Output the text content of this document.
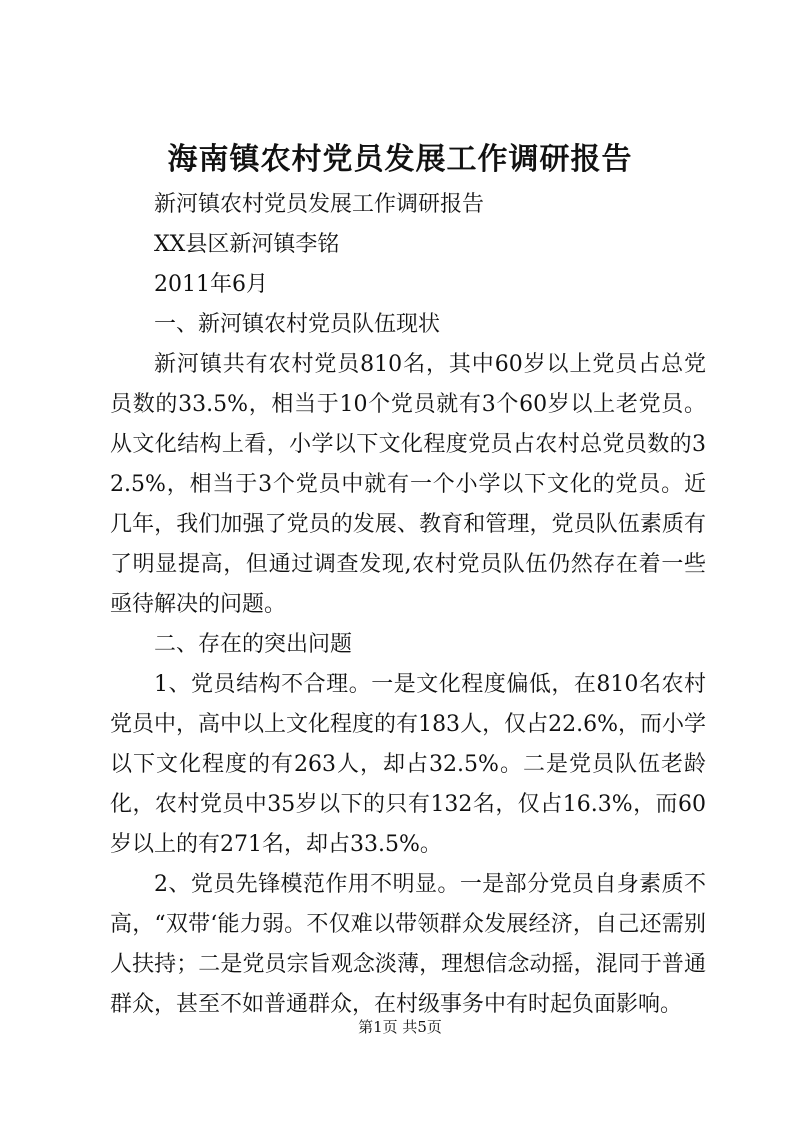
海南镇农村党员发展工作调研报告

新河镇农村党员发展工作调研报告

XX县区新河镇李铭

2011年6月

一、新河镇农村党员队伍现状

新河镇共有农村党员810名，其中60岁以上党员占总党员数的33.5%，相当于10个党员就有3个60岁以上老党员。从文化结构上看，小学以下文化程度党员占农村总党员数的32.5%，相当于3个党员中就有一个小学以下文化的党员。近几年，我们加强了党员的发展、教育和管理，党员队伍素质有了明显提高，但通过调查发现,农村党员队伍仍然存在着一些亟待解决的问题。

二、存在的突出问题

1、党员结构不合理。一是文化程度偏低，在810名农村党员中，高中以上文化程度的有183人，仅占22.6%，而小学以下文化程度的有263人，却占32.5%。二是党员队伍老龄化，农村党员中35岁以下的只有132名，仅占16.3%，而60岁以上的有271名，却占33.5%。

2、党员先锋模范作用不明显。一是部分党员自身素质不高，“双带‘能力弱。不仅难以带领群众发展经济，自己还需别人扶持；二是党员宗旨观念淡薄，理想信念动摇，混同于普通群众，甚至不如普通群众，在村级事务中有时起负面影响。

第1页 共5页
